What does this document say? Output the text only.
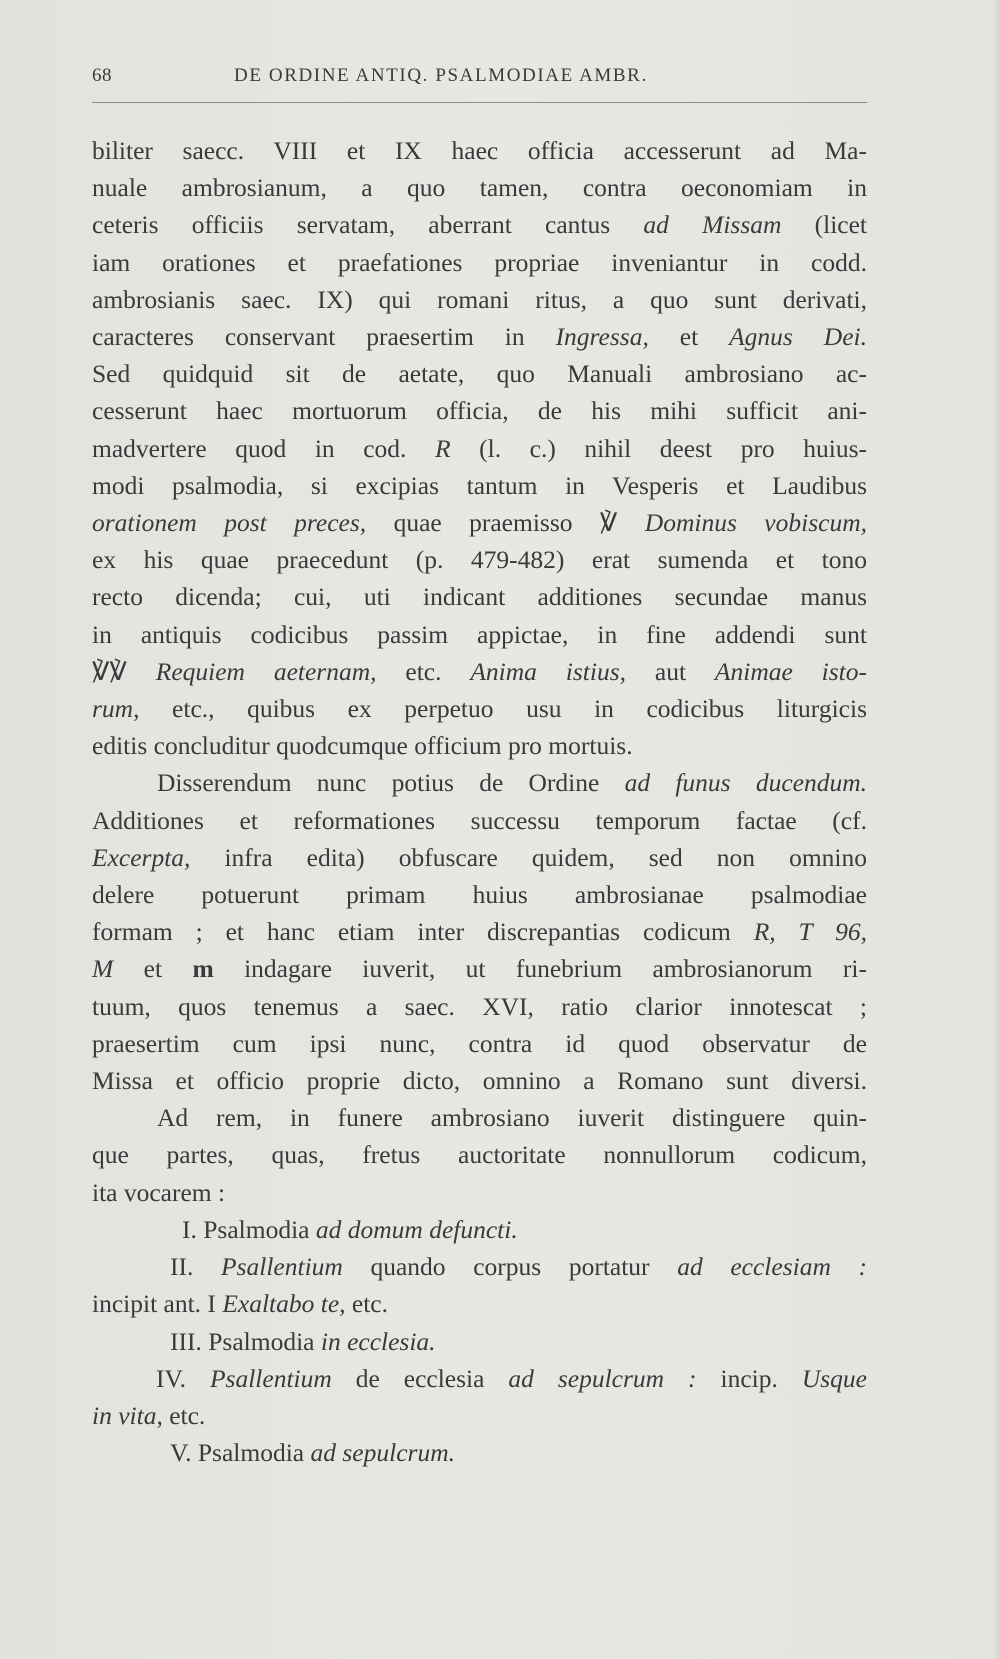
68	DE ORDINE ANTIQ. PSALMODIAE AMBR.
biliter saecc. VIII et IX haec officia accesserunt ad Ma-
nuale ambrosianum, a quo tamen, contra oeconomiam in
ceteris officiis servatam, aberrant cantus ad Missam (licet
iam orationes et praefationes propriae inveniantur in codd.
ambrosianis saec. IX) qui romani ritus, a quo sunt derivati,
caracteres conservant praesertim in Ingressa, et Agnus Dei.
Sed quidquid sit de aetate, quo Manuali ambrosiano ac-
cesserunt haec mortuorum officia, de his mihi sufficit ani-
madvertere quod in cod. R (l. c.) nihil deest pro huius-
modi psalmodia, si excipias tantum in Vesperis et Laudibus
orationem post preces, quae praemisso ℣ Dominus vobiscum,
ex his quae praecedunt (p. 479-482) erat sumenda et tono
recto dicenda; cui, uti indicant additiones secundae manus
in antiquis codicibus passim appictae, in fine addendi sunt
℣℣ Requiem aeternam, etc. Anima istius, aut Animae isto-
rum, etc., quibus ex perpetuo usu in codicibus liturgicis
editis concluditur quodcumque officium pro mortuis.
Disserendum nunc potius de Ordine ad funus ducendum.
Additiones et reformationes successu temporum factae (cf.
Excerpta, infra edita) obfuscare quidem, sed non omnino
delere potuerunt primam huius ambrosianae psalmodiae
formam ; et hanc etiam inter discrepantias codicum R, T 96,
M et m indagare iuverit, ut funebrium ambrosianorum ri-
tuum, quos tenemus a saec. XVI, ratio clarior innotescat ;
praesertim cum ipsi nunc, contra id quod observatur de
Missa et officio proprie dicto, omnino a Romano sunt diversi.
Ad rem, in funere ambrosiano iuverit distinguere quin-
que partes, quas, fretus auctoritate nonnullorum codicum,
ita vocarem :
I. Psalmodia ad domum defuncti.
II. Psallentium quando corpus portatur ad ecclesiam :
incipit ant. I Exaltabo te, etc.
III. Psalmodia in ecclesia.
IV. Psallentium de ecclesia ad sepulcrum : incip. Usque
in vita, etc.
V. Psalmodia ad sepulcrum.
